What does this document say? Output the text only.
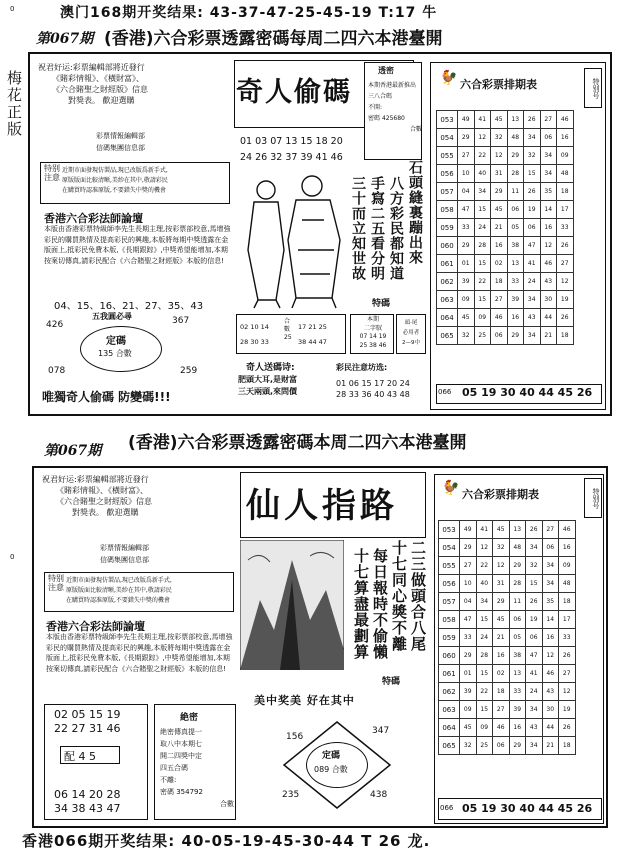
澳门168期开奖结果: 43-37-47-25-45-19 T:17 牛
0
0
梅花正版
第067期 (香港)六合彩票透露密碼每周二四六本港臺開
祝君好运:彩票編輯部將近發行
《賭彩情報》、《橫財富》、
《六合賭聖之財經版》信息
對獎表。 歡迎選購
彩票情報編輯部
信碼集團信息部
特别注意
近期市面發現仿製品,現已改版爲新手式,
原版版面比較清晰,美紗在其中,敬請彩民
在購買時認准原版,不要錯失中獎的機會
香港六合彩法師論壇
本版由香港彩票特級師李先生長期主理,按彩票部校意,馬增強彩民的購買熱情及提高彩民的興趣,本版將每期中獎透露在金版面上,抵彩民免費本版,《長期跟踪》,中獎希望能增加,本期按案切傳真,請彩民配合《六合賭聖之財經版》本版的信息!
04、15、16、21、27、35、43
五我圓必尋
426	367
078	259
定碼
135 合數
唯獨奇人偷碼 防變碼!!!
奇人偷碼
透密
本期香港最新推出
三八合碼
不開:
密碼 425680
合數
01 03 07 13 15 18 20
24 26 32 37 39 41 46
三十而立知世故 手寫二五看分明 八方彩民都知道 石頭縫裏蹦出來
特碼
02 10 14
28 30 33
合數25
17 21 25
38 44 47
本期
二字馭
07 14 19
25 38 46
頭·尾
必用者
2—9中
奇人送碼诗:
肥頭大耳,是财富
三天兩頭,來問價
彩民注意坊选:
01 06 15 17 20 24
28 33 36 40 43 48
🐓 六合彩票排期表	特别号
053	49	41	45	13	26	27	46
054	29	12	32	48	34	06	16
055	27	22	12	29	32	34	09
056	10	40	31	28	15	34	48
057	04	34	29	11	26	35	18
058	47	15	45	06	19	14	17
059	33	24	21	05	06	16	33
060	29	28	16	38	47	12	26
061	01	15	02	13	41	46	27
062	39	22	18	33	24	43	12
063	09	15	27	39	34	30	19
064	45	09	46	16	43	44	26
065	32	25	06	29	34	21	18
066 05 19 30 40 44 45 26
第067期 (香港)六合彩票透露密碼本周二四六本港臺開
祝君好运:彩票編輯部將近發行
《賭彩情報》、《橫財富》、
《六合賭聖之財經版》信息
對獎表。 歡迎選購
彩票情報編輯部
信碼集團信息部
特别注意
近期市面發現仿製品,現已改版爲新手式,
原版版面比較清晰,美紗在其中,敬請彩民
在購買時認准原版,不要錯失中獎的機會
香港六合彩法師論壇
本版由香港彩票特級師李先生長期主理,按彩票部校意,馬增強彩民的購買熱情及提高彩民的興趣,本版將每期中獎透露在金版面上,抵彩民免費本版,《長期跟踪》,中獎希望能增加,本期按案切傳真,請彩民配合《六合賭聖之財經版》本版的信息!
02 05 15 19
22 27 31 46
配 4 5
06 14 20 28
34 38 43 47
絶密
絶密傳真提一
取八中本期七
開二四獎中定
四五合碼
不離:
密碼 354792
合數
仙人指路
二三做頭合八尾
十七同心獎不離
每日報時不偷懶
十七算盡最劃算
特碼
美中奖美 好在其中
156
347
235	438
定碼
089 合數
🐓 六合彩票排期表	特别号
053	49	41	45	13	26	27	46
054	29	12	32	48	34	06	16
055	27	22	12	29	32	34	09
056	10	40	31	28	15	34	48
057	04	34	29	11	26	35	18
058	47	15	45	06	19	14	17
059	33	24	21	05	06	16	33
060	29	28	16	38	47	12	26
061	01	15	02	13	41	46	27
062	39	22	18	33	24	43	12
063	09	15	27	39	34	30	19
064	45	09	46	16	43	44	26
065	32	25	06	29	34	21	18
066 05 19 30 40 44 45 26
香港066期开奖结果: 40-05-19-45-30-44 T 26 龙.
